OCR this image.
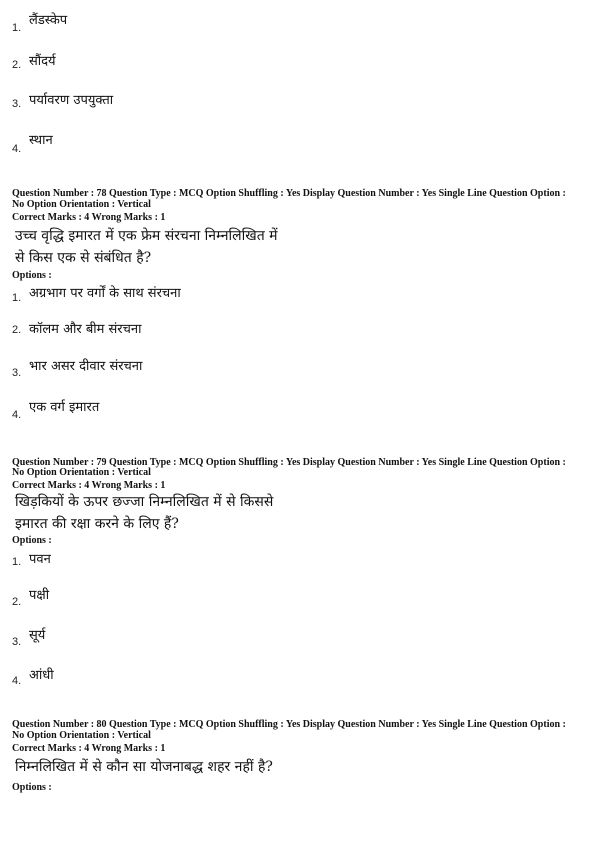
1. लैंडस्केप
2. सौंदर्य
3. पर्यावरण उपयुक्ता
4.
स्थान
Question Number : 78 Question Type : MCQ Option Shuffling : Yes Display Question Number : Yes Single Line Question Option :
No Option Orientation : Vertical
Correct Marks : 4 Wrong Marks : 1
उच्च वृद्धि इमारत में एक फ्रेम संरचना निम्नलिखित में
से किस एक से संबंधित है?
Options :
1. अग्रभाग पर वर्गों के साथ संरचना
2. कॉलम और बीम संरचना
3. भार असर दीवार संरचना
4. एक वर्ग इमारत
Question Number : 79 Question Type : MCQ Option Shuffling : Yes Display Question Number : Yes Single Line Question Option :
No Option Orientation : Vertical
Correct Marks : 4 Wrong Marks : 1
खिड़कियों के ऊपर छज्जा निम्नलिखित में से किससे
इमारत की रक्षा करने के लिए हैं?
Options :
1. पवन
2. पक्षी
3. सूर्य
4. आंधी
Question Number : 80 Question Type : MCQ Option Shuffling : Yes Display Question Number : Yes Single Line Question Option :
No Option Orientation : Vertical
Correct Marks : 4 Wrong Marks : 1
निम्नलिखित में से कौन सा योजनाबद्ध शहर नहीं है?
Options :
